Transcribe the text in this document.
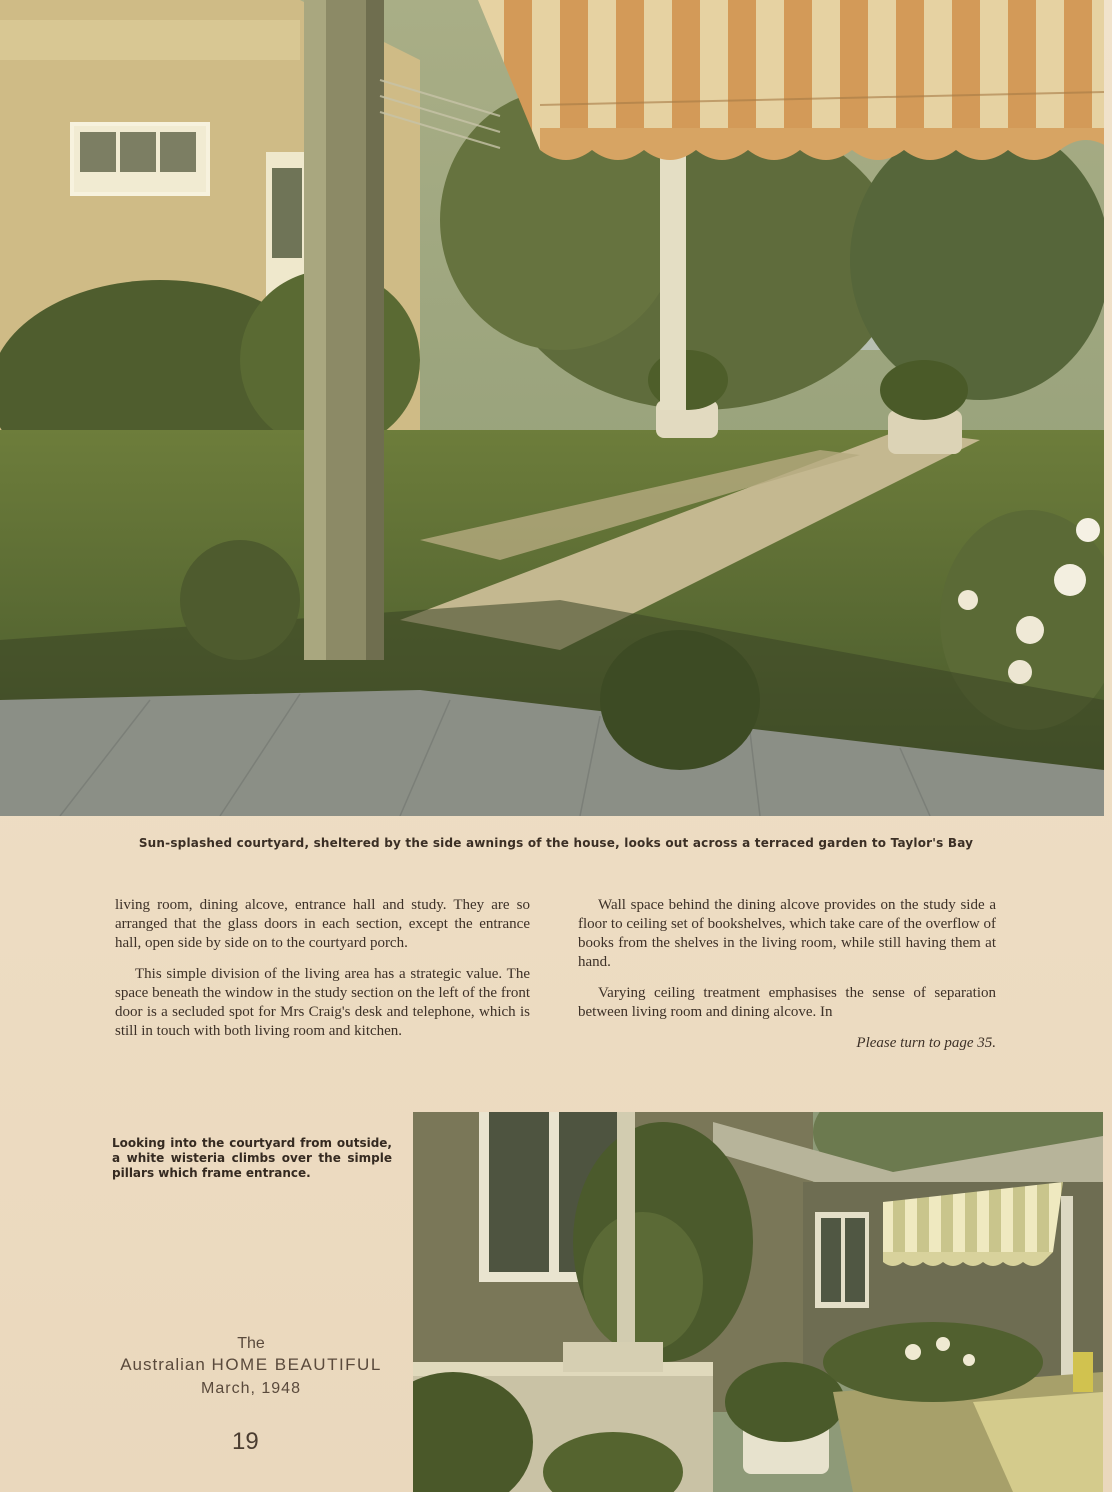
Sun-splashed courtyard, sheltered by the side awnings of the house, looks out across a terraced garden to Taylor's Bay

living room, dining alcove, entrance hall and study. They are so arranged that the glass doors in each section, except the entrance hall, open side by side on to the courtyard porch.

This simple division of the living area has a strategic value. The space beneath the window in the study section on the left of the front door is a secluded spot for Mrs Craig's desk and telephone, which is still in touch with both living room and kitchen.

Wall space behind the dining alcove provides on the study side a floor to ceiling set of bookshelves, which take care of the overflow of books from the shelves in the living room, while still having them at hand.

Varying ceiling treatment emphasises the sense of separation between living room and dining alcove. In

Please turn to page 35.
Looking into the courtyard from outside, a white wisteria climbs over the simple pillars which frame entrance.
The
Australian HOME BEAUTIFUL
March, 1948
19
